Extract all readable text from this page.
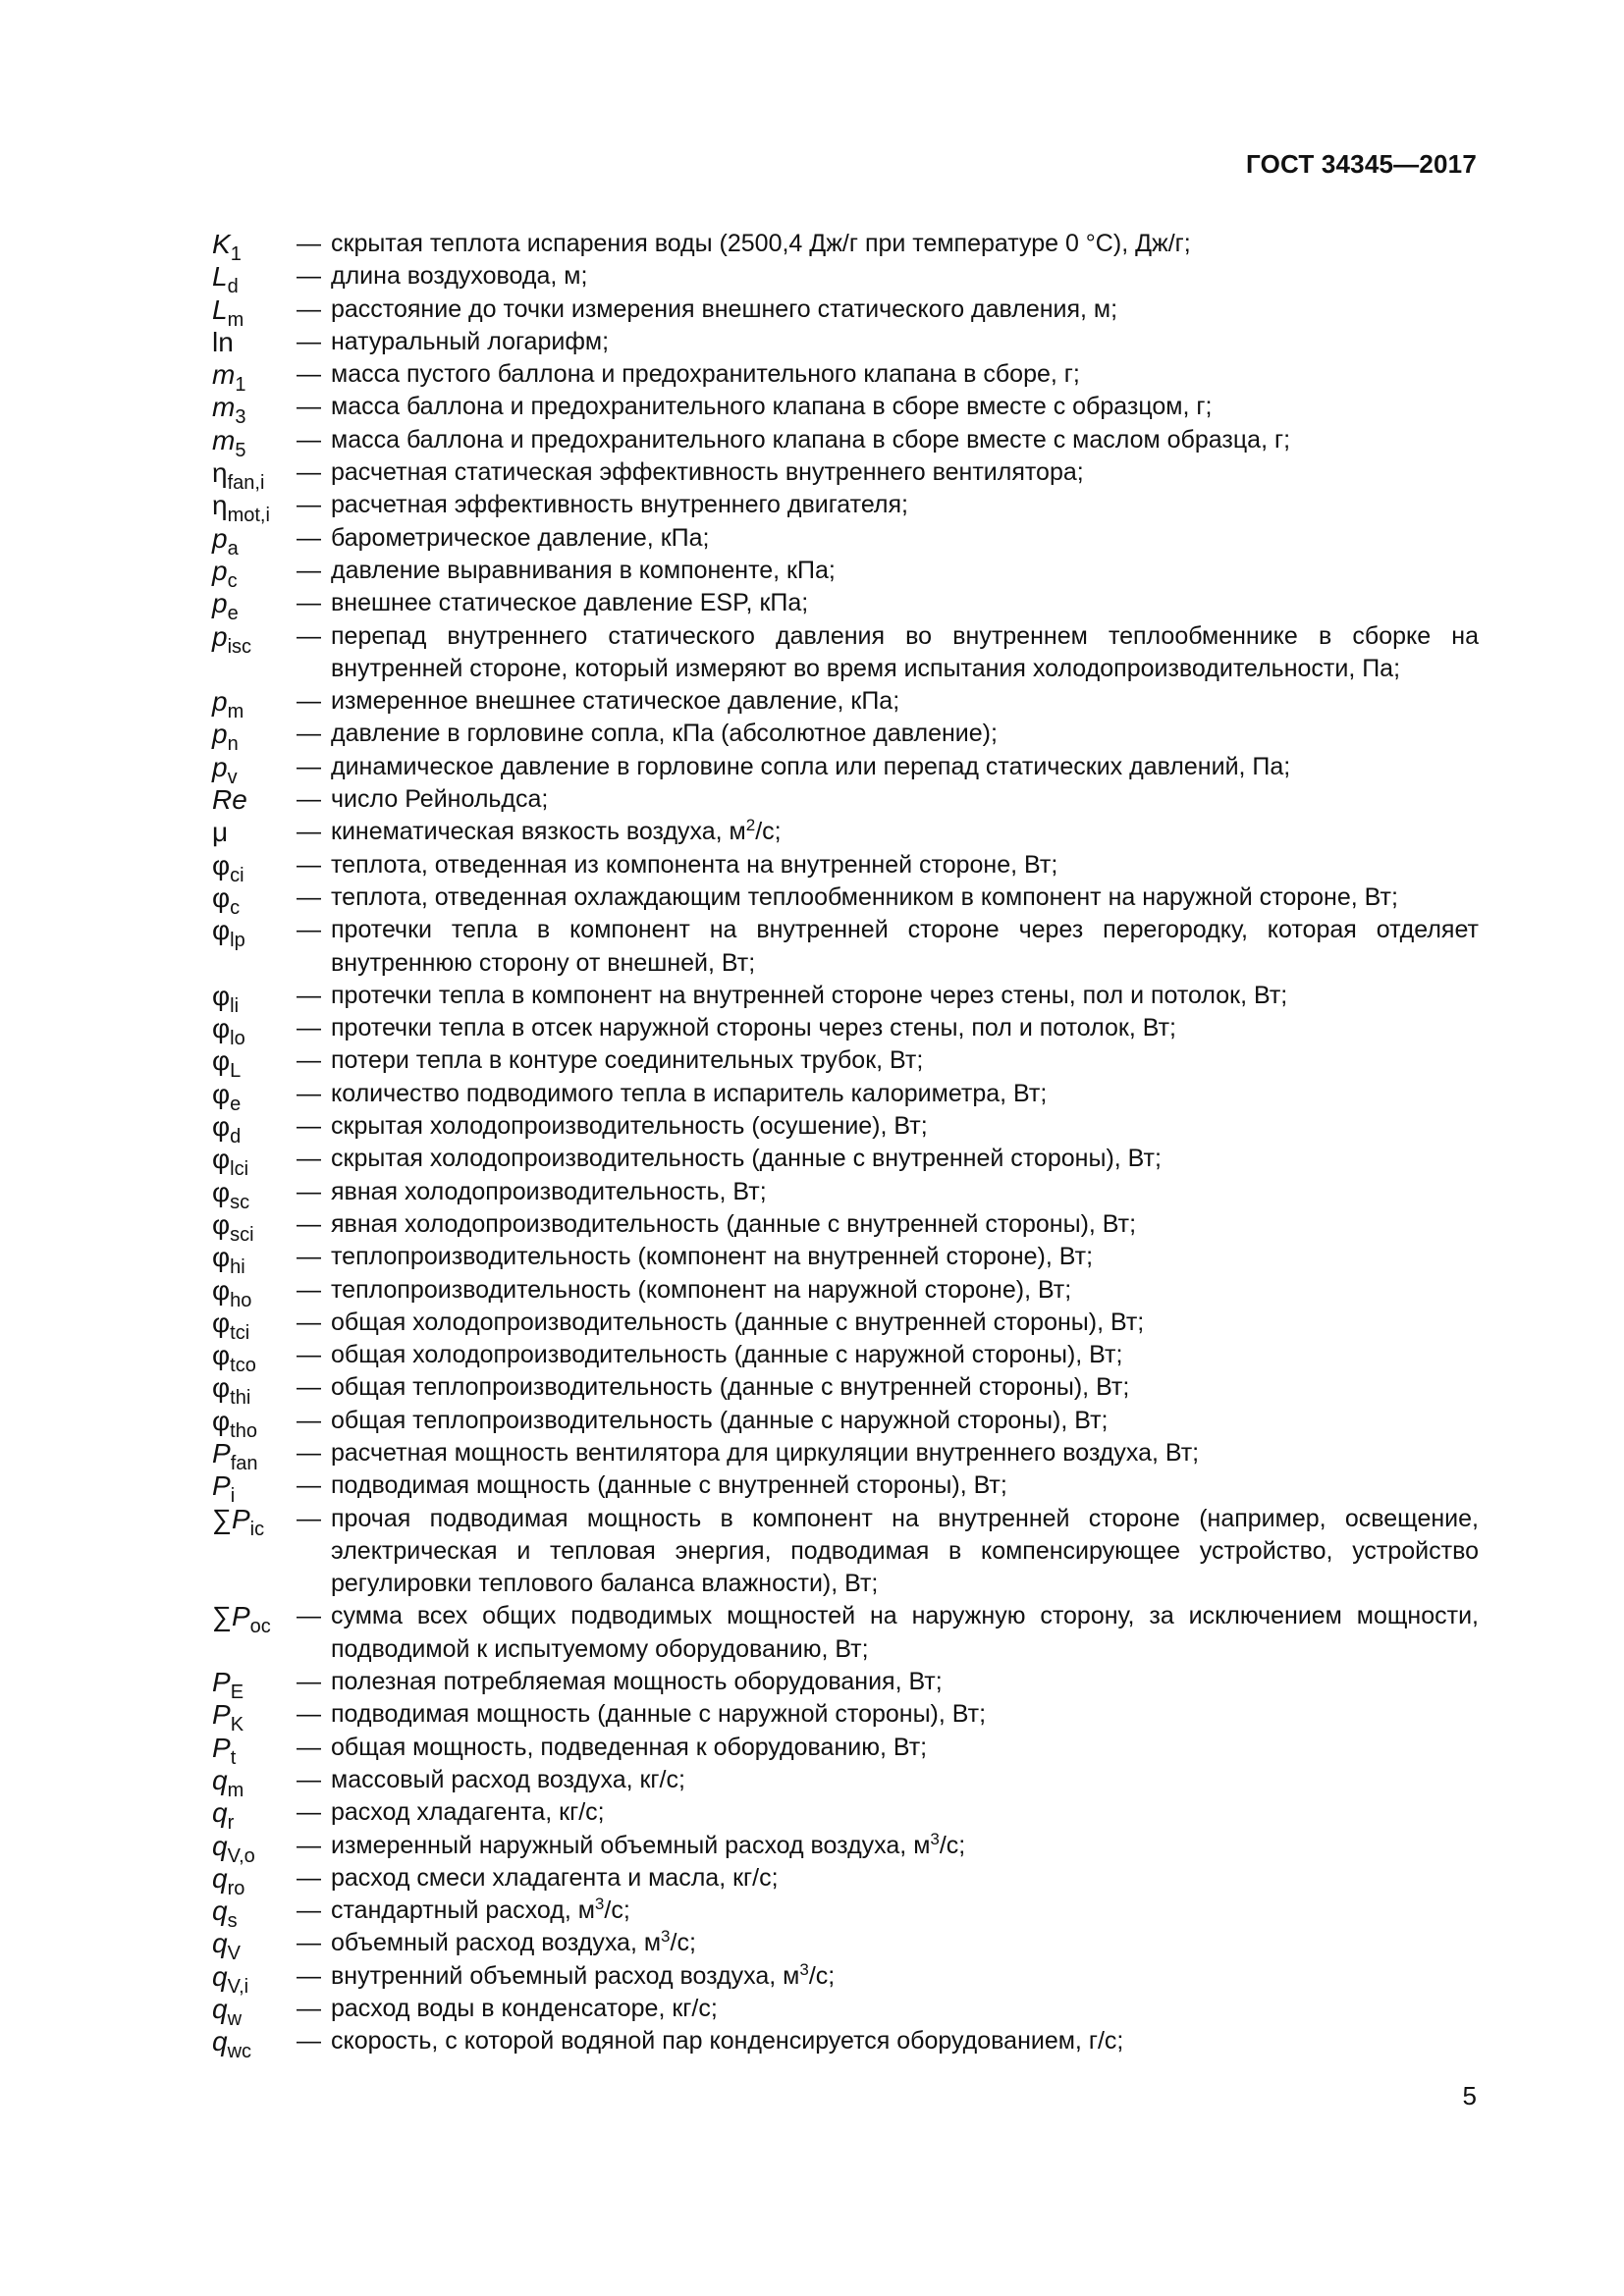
ГОСТ 34345—2017
$K_1$	— скрытая теплота испарения воды (2500,4 Дж/г при температуре 0 °C), Дж/г;
$L_d$	— длина воздуховода, м;
$L_m$	— расстояние до точки измерения внешнего статического давления, м;
ln	— натуральный логарифм;
$m_1$	— масса пустого баллона и предохранительного клапана в сборе, г;
$m_3$	— масса баллона и предохранительного клапана в сборе вместе с образцом, г;
$m_5$	— масса баллона и предохранительного клапана в сборе вместе с маслом образца, г;
$\eta_{fan,i}$	— расчетная статическая эффективность внутреннего вентилятора;
$\eta_{mot,i}$	— расчетная эффективность внутреннего двигателя;
$p_a$	— барометрическое давление, кПа;
$p_c$	— давление выравнивания в компоненте, кПа;
$p_e$	— внешнее статическое давление ESP, кПа;
$p_{isc}$	— перепад внутреннего статического давления во внутреннем теплообменнике в сборке на внутренней стороне, который измеряют во время испытания холодопроизводительности, Па;
$p_m$	— измеренное внешнее статическое давление, кПа;
$p_n$	— давление в горловине сопла, кПа (абсолютное давление);
$p_v$	— динамическое давление в горловине сопла или перепад статических давлений, Па;
Re	— число Рейнольдса;
μ	— кинематическая вязкость воздуха, $м^2/с$;
$\varphi_{ci}$	— теплота, отведенная из компонента на внутренней стороне, Вт;
$\varphi_c$	— теплота, отведенная охлаждающим теплообменником в компонент на наружной стороне, Вт;
$\varphi_{lp}$	— протечки тепла в компонент на внутренней стороне через перегородку, которая отделяет внутреннюю сторону от внешней, Вт;
$\varphi_{li}$	— протечки тепла в компонент на внутренней стороне через стены, пол и потолок, Вт;
$\varphi_{lo}$	— протечки тепла в отсек наружной стороны через стены, пол и потолок, Вт;
$\varphi_L$	— потери тепла в контуре соединительных трубок, Вт;
$\varphi_e$	— количество подводимого тепла в испаритель калориметра, Вт;
$\varphi_d$	— скрытая холодопроизводительность (осушение), Вт;
$\varphi_{lci}$	— скрытая холодопроизводительность (данные с внутренней стороны), Вт;
$\varphi_{sc}$	— явная холодопроизводительность, Вт;
$\varphi_{sci}$	— явная холодопроизводительность (данные с внутренней стороны), Вт;
$\varphi_{hi}$	— теплопроизводительность (компонент на внутренней стороне), Вт;
$\varphi_{ho}$	— теплопроизводительность (компонент на наружной стороне), Вт;
$\varphi_{tci}$	— общая холодопроизводительность (данные с внутренней стороны), Вт;
$\varphi_{tco}$	— общая холодопроизводительность (данные с наружной стороны), Вт;
$\varphi_{thi}$	— общая теплопроизводительность (данные с внутренней стороны), Вт;
$\varphi_{tho}$	— общая теплопроизводительность (данные с наружной стороны), Вт;
$P_{fan}$	— расчетная мощность вентилятора для циркуляции внутреннего воздуха, Вт;
$P_i$	— подводимая мощность (данные с внутренней стороны), Вт;
$\sum P_{ic}$	— прочая подводимая мощность в компонент на внутренней стороне (например, освещение, электрическая и тепловая энергия, подводимая в компенсирующее устройство, устройство регулировки теплового баланса влажности), Вт;
$\sum P_{oc}$	— сумма всех общих подводимых мощностей на наружную сторону, за исключением мощности, подводимой к испытуемому оборудованию, Вт;
$P_E$	— полезная потребляемая мощность оборудования, Вт;
$P_K$	— подводимая мощность (данные с наружной стороны), Вт;
$P_t$	— общая мощность, подведенная к оборудованию, Вт;
$q_m$	— массовый расход воздуха, кг/с;
$q_r$	— расход хладагента, кг/с;
$q_{V,o}$	— измеренный наружный объемный расход воздуха, $м^3/с$;
$q_{ro}$	— расход смеси хладагента и масла, кг/с;
$q_s$	— стандартный расход, $м^3/с$;
$q_V$	— объемный расход воздуха, $м^3/с$;
$q_{V,i}$	— внутренний объемный расход воздуха, $м^3/с$;
$q_w$	— расход воды в конденсаторе, кг/с;
$q_{wc}$	— скорость, с которой водяной пар конденсируется оборудованием, г/с;
5
